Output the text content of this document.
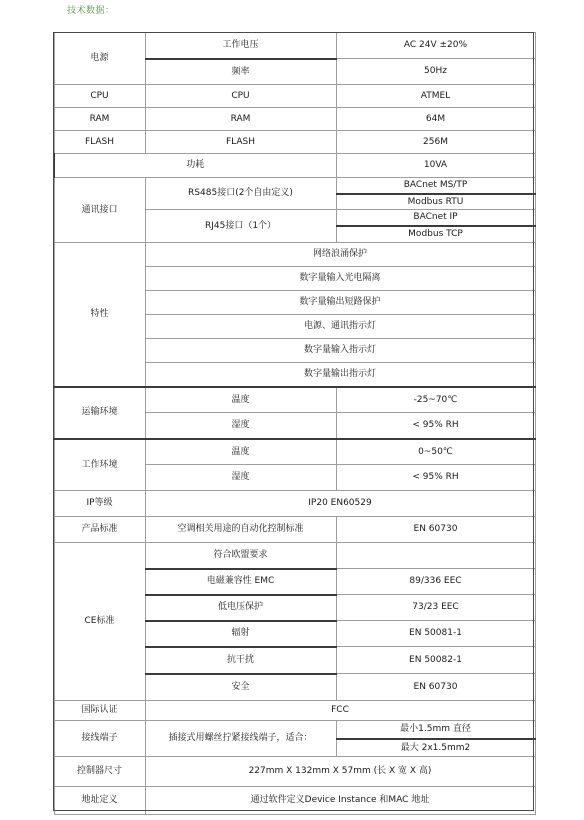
技术数据：
电源	工作电压	AC 24V ±20%
	频率	50Hz
CPU	CPU	ATMEL
RAM	RAM	64M
FLASH	FLASH	256M
功耗		10VA
通讯接口	RS485接口(2个自由定义)	BACnet MS/TP
		Modbus RTU
	RJ45接口（1个）	BACnet IP
		Modbus TCP
特性	网络浪涌保护	
	数字量输入光电隔离	
	数字量输出短路保护	
	电源、通讯指示灯	
	数字量输入指示灯	
	数字量输出指示灯	
运输环境	温度	-25~70℃
	湿度	< 95% RH
工作环境	温度	0~50℃
	湿度	< 95% RH
IP等级	IP20 EN60529	
产品标准	空调相关用途的自动化控制标准	EN 60730
CE标准	符合欧盟要求	
	电磁兼容性 EMC	89/336 EEC
	低电压保护	73/23 EEC
	辐射	EN 50081-1
	抗干扰	EN 50082-1
	安全	EN 60730
国际认证	FCC	
接线端子	插接式用螺丝拧紧接线端子，适合：	最小1.5mm 直径
		最大 2x1.5mm2
控制器尺寸	227mm X 132mm X 57mm (长 X 宽 X 高)	
地址定义	通过软件定义Device Instance 和MAC 地址	
